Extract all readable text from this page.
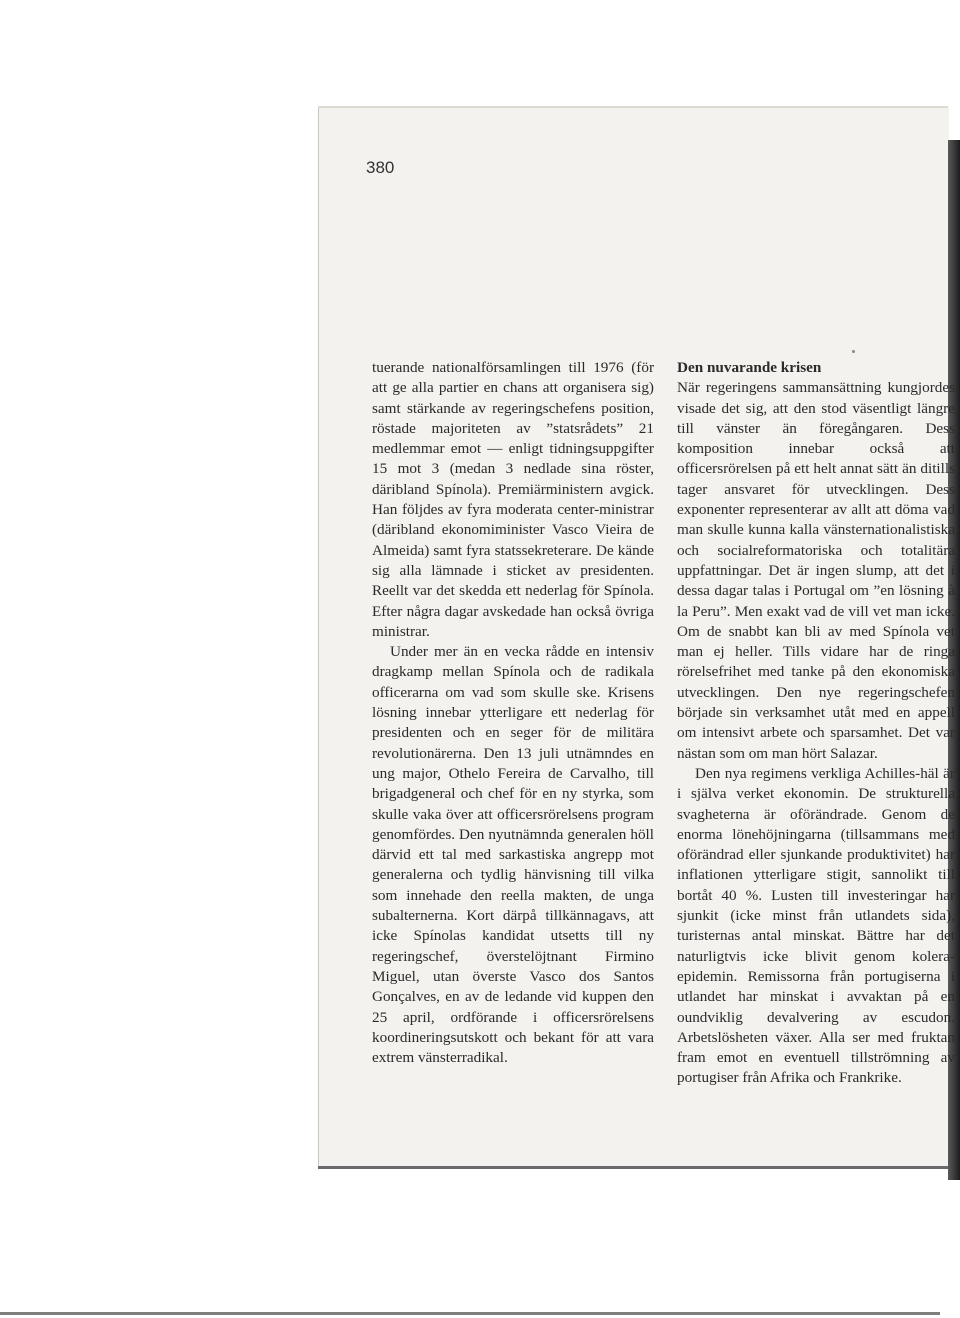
380

tuerande nationalförsamlingen till 1976 (för att ge alla partier en chans att organisera sig) samt stärkande av regeringschefens position, röstade majoriteten av ”statsrådets” 21 medlemmar emot — enligt tidningsuppgifter 15 mot 3 (medan 3 nedlade sina röster, däribland Spínola). Premiärministern avgick. Han följdes av fyra moderata center-ministrar (däribland ekonomiminister Vasco Vieira de Almeida) samt fyra statssekreterare. De kände sig alla lämnade i sticket av presidenten. Reellt var det skedda ett nederlag för Spínola. Efter några dagar avskedade han också övriga ministrar.

Under mer än en vecka rådde en intensiv dragkamp mellan Spínola och de radikala officerarna om vad som skulle ske. Krisens lösning innebar ytterligare ett nederlag för presidenten och en seger för de militära revolutionärerna. Den 13 juli utnämndes en ung major, Othelo Fereira de Carvalho, till brigadgeneral och chef för en ny styrka, som skulle vaka över att officersrörelsens program genomfördes. Den nyutnämnda generalen höll därvid ett tal med sarkastiska angrepp mot generalerna och tydlig hänvisning till vilka som innehade den reella makten, de unga subalternerna. Kort därpå tillkännagavs, att icke Spínolas kandidat utsetts till ny regeringschef, överstelöjtnant Firmino Miguel, utan överste Vasco dos Santos Gonçalves, en av de ledande vid kuppen den 25 april, ordförande i officersrörelsens koordineringsutskott och bekant för att vara extrem vänsterradikal.

Den nuvarande krisen

När regeringens sammansättning kungjordes visade det sig, att den stod väsentligt längre till vänster än föregångaren. Dess komposition innebar också att officersrörelsen på ett helt annat sätt än ditills tager ansvaret för utvecklingen. Dess exponenter representerar av allt att döma vad man skulle kunna kalla vänsternationalistiska och socialreformatoriska och totalitära uppfattningar. Det är ingen slump, att det i dessa dagar talas i Portugal om ”en lösning à la Peru”. Men exakt vad de vill vet man icke. Om de snabbt kan bli av med Spínola vet man ej heller. Tills vidare har de ringa rörelsefrihet med tanke på den ekonomiska utvecklingen. Den nye regeringschefen började sin verksamhet utåt med en appell om intensivt arbete och sparsamhet. Det var nästan som om man hört Salazar.

Den nya regimens verkliga Achilles-häl är i själva verket ekonomin. De strukturella svagheterna är oförändrade. Genom de enorma lönehöjningarna (tillsammans med oförändrad eller sjunkande produktivitet) har inflationen ytterligare stigit, sannolikt till bortåt 40 %. Lusten till investeringar har sjunkit (icke minst från utlandets sida), turisternas antal minskat. Bättre har det naturligtvis icke blivit genom kolera-epidemin. Remissorna från portugiserna i utlandet har minskat i avvaktan på en oundviklig devalvering av escudon. Arbetslösheten växer. Alla ser med fruktan fram emot en eventuell tillströmning av portugiser från Afrika och Frankrike.
